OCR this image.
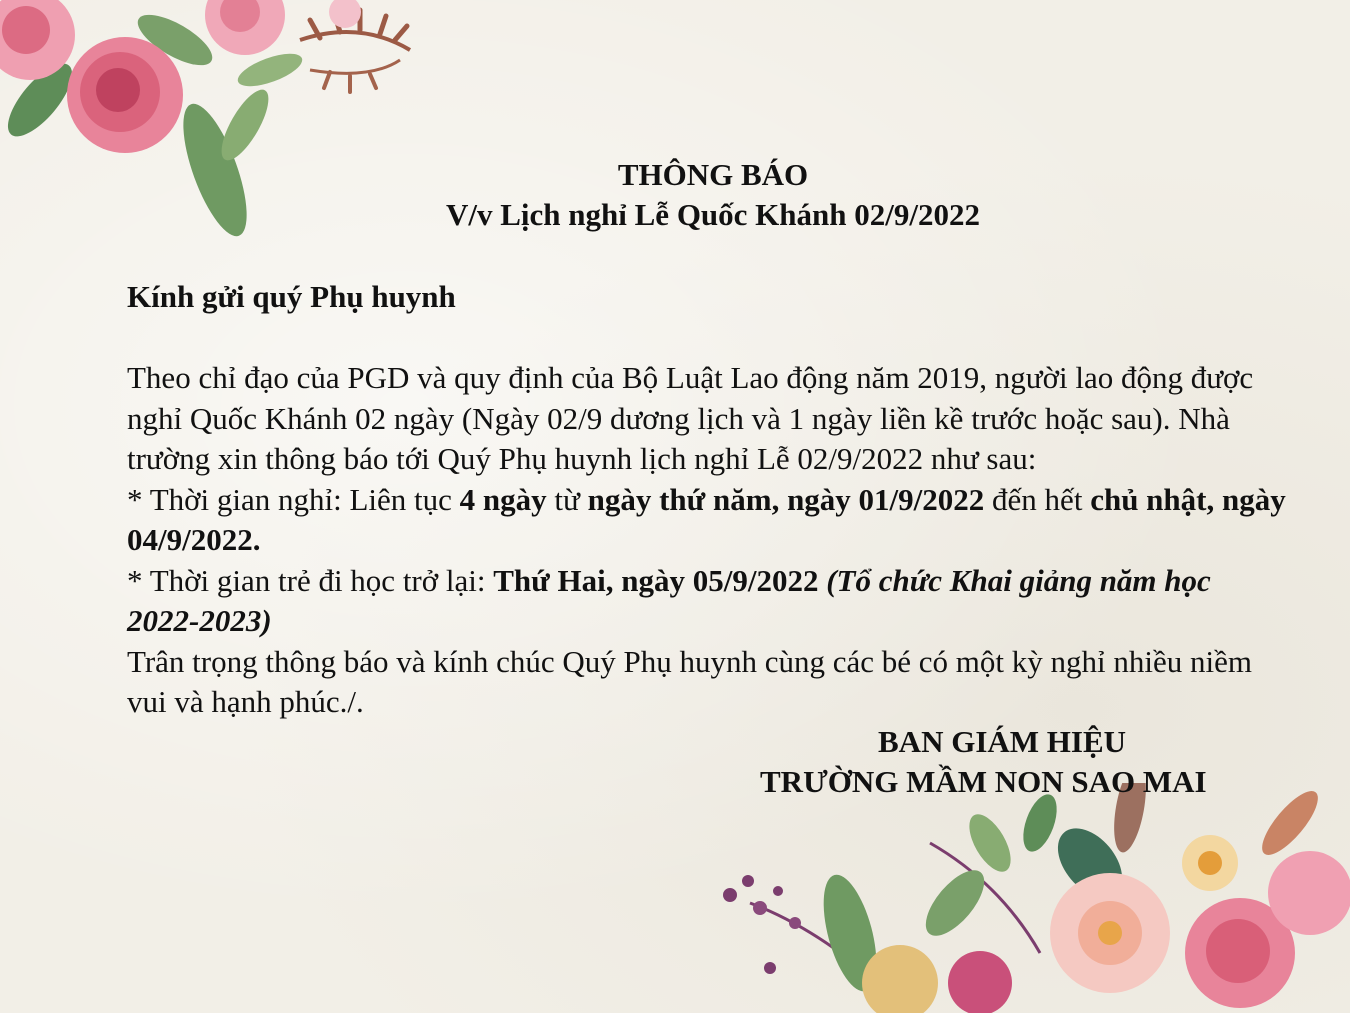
THÔNG BÁO
V/v Lịch nghỉ Lễ Quốc Khánh 02/9/2022
Kính gửi quý Phụ huynh

Theo chỉ đạo của PGD và quy định của Bộ Luật Lao động năm 2019, người lao động được nghỉ Quốc Khánh 02 ngày (Ngày 02/9 dương lịch và 1 ngày liền kề trước hoặc sau). Nhà trường xin thông báo tới Quý Phụ huynh lịch nghỉ Lễ 02/9/2022 như sau:

* Thời gian nghỉ: Liên tục 4 ngày từ ngày thứ năm, ngày 01/9/2022 đến hết chủ nhật, ngày 04/9/2022.

* Thời gian trẻ đi học trở lại: Thứ Hai, ngày 05/9/2022 (Tổ chức Khai giảng năm học 2022-2023)

Trân trọng thông báo và kính chúc Quý Phụ huynh cùng các bé có một kỳ nghỉ nhiều niềm vui và hạnh phúc./.

BAN GIÁM HIỆU
TRƯỜNG MẦM NON SAO MAI
